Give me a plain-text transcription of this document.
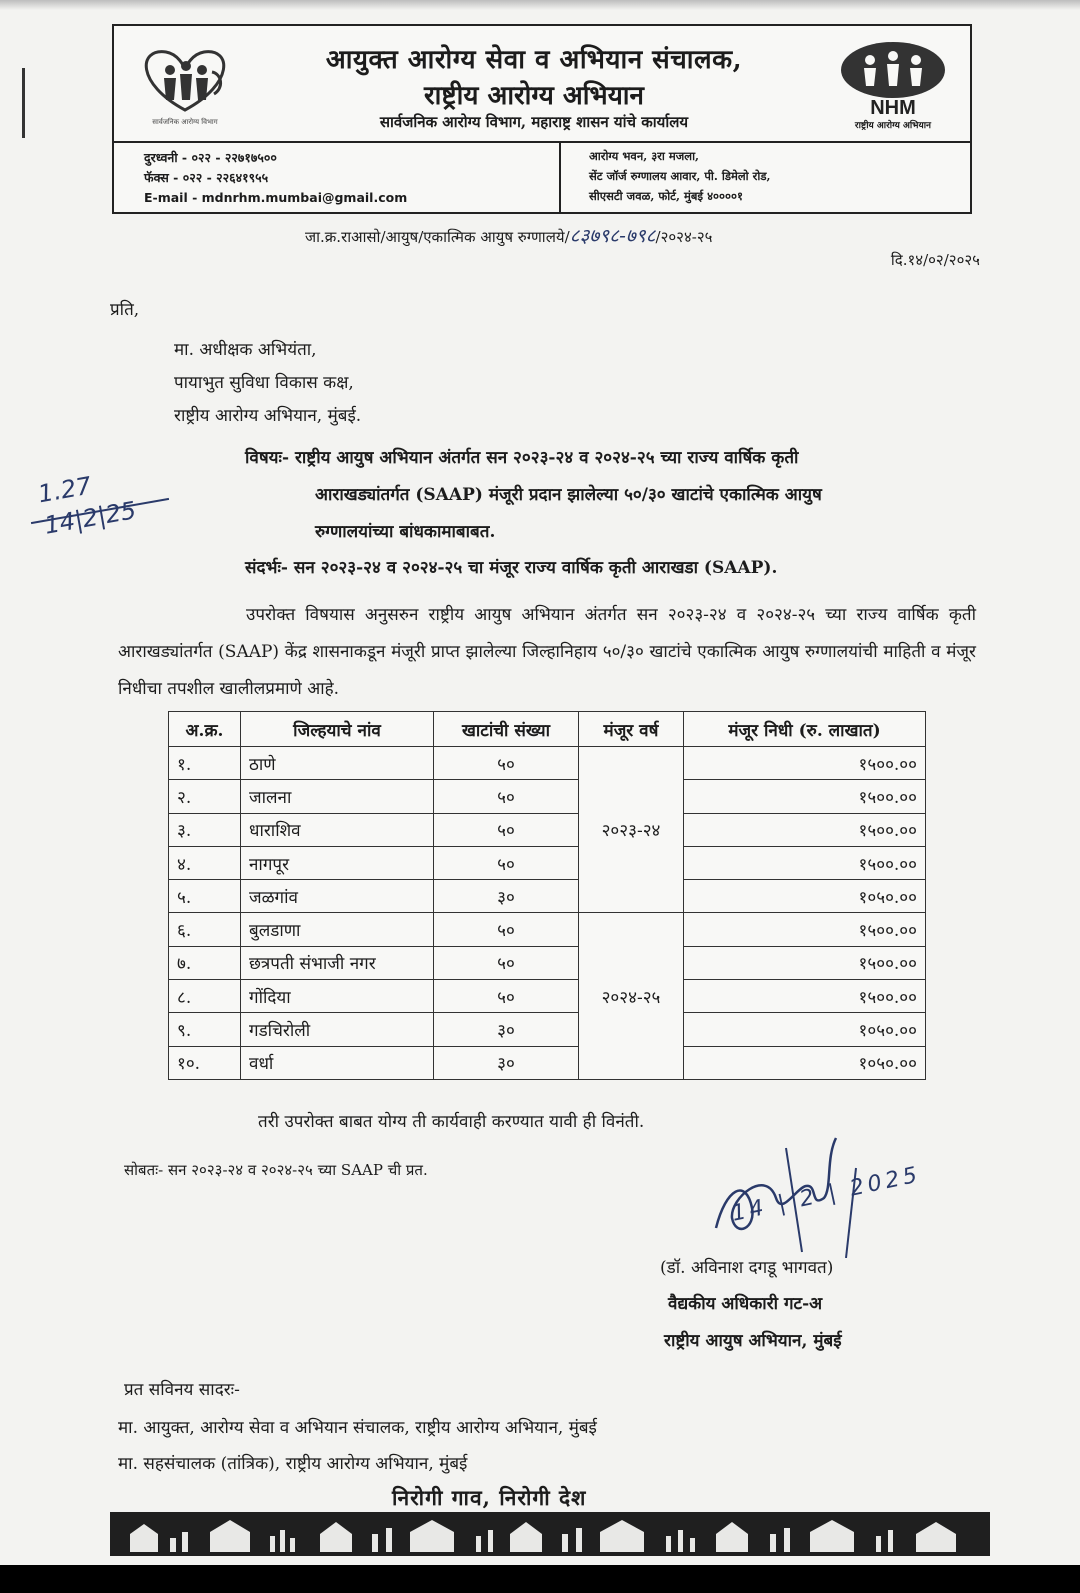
सार्वजनिक आरोग्य विभाग
आयुक्त आरोग्य सेवा व अभियान संचालक,
राष्ट्रीय आरोग्य अभियान
सार्वजनिक आरोग्य विभाग, महाराष्ट्र शासन यांचे कार्यालय
NHM
राष्ट्रीय आरोग्य अभियान
दुरध्वनी - ०२२ - २२७१७५००
फॅक्स - ०२२ - २२६४१९५५
E-mail - mdnrhm.mumbai@gmail.com
आरोग्य भवन, ३रा मजला,
सेंट जॉर्ज रुग्णालय आवार, पी. डिमेलो रोड,
सीएसटी जवळ, फोर्ट, मुंबई ४००००१
जा.क्र.राआसो/आयुष/एकात्मिक आयुष रुग्णालये/८३७९८-७९८/२०२४-२५
दि.१४/०२/२०२५
प्रति,
मा. अधीक्षक अभियंता,
पायाभुत सुविधा विकास कक्ष,
राष्ट्रीय आरोग्य अभियान, मुंबई.
1.27
14|2|25
विषयः- राष्ट्रीय आयुष अभियान अंतर्गत सन २०२३-२४ व २०२४-२५ च्या राज्य वार्षिक कृती
आराखड्यांतर्गत (SAAP) मंजूरी प्रदान झालेल्या ५०/३० खाटांचे एकात्मिक आयुष
रुग्णालयांच्या बांधकामाबाबत.
संदर्भः- सन २०२३-२४ व २०२४-२५ चा मंजूर राज्य वार्षिक कृती आराखडा (SAAP).
उपरोक्त विषयास अनुसरुन राष्ट्रीय आयुष अभियान अंतर्गत सन २०२३-२४ व २०२४-२५ च्या राज्य वार्षिक कृती आराखड्यांतर्गत (SAAP) केंद्र शासनाकडून मंजूरी प्राप्त झालेल्या जिल्हानिहाय ५०/३० खाटांचे एकात्मिक आयुष रुग्णालयांची माहिती व मंजूर निधीचा तपशील खालीलप्रमाणे आहे.
अ.क्र.	जिल्हयाचे नांव	खाटांची संख्या	मंजूर वर्ष	मंजूर निधी (रु. लाखात)
१.	ठाणे	५०	२०२३-२४	१५००.००
२.	जालना	५०		१५००.००
३.	धाराशिव	५०		१५००.००
४.	नागपूर	५०		१५००.००
५.	जळगांव	३०		१०५०.००
६.	बुलडाणा	५०	२०२४-२५	१५००.००
७.	छत्रपती संभाजी नगर	५०		१५००.००
८.	गोंदिया	५०		१५००.००
९.	गडचिरोली	३०		१०५०.००
१०.	वर्धा	३०		१०५०.००
तरी उपरोक्त बाबत योग्य ती कार्यवाही करण्यात यावी ही विनंती.
सोबतः- सन २०२३-२४ व २०२४-२५ च्या SAAP ची प्रत.	14 | 2 | 2025
(डॉ. अविनाश दगडू भागवत)
वैद्यकीय अधिकारी गट-अ
राष्ट्रीय आयुष अभियान, मुंबई
प्रत सविनय सादरः-
मा. आयुक्त, आरोग्य सेवा व अभियान संचालक, राष्ट्रीय आरोग्य अभियान, मुंबई
मा. सहसंचालक (तांत्रिक), राष्ट्रीय आरोग्य अभियान, मुंबई
निरोगी गाव, निरोगी देश
